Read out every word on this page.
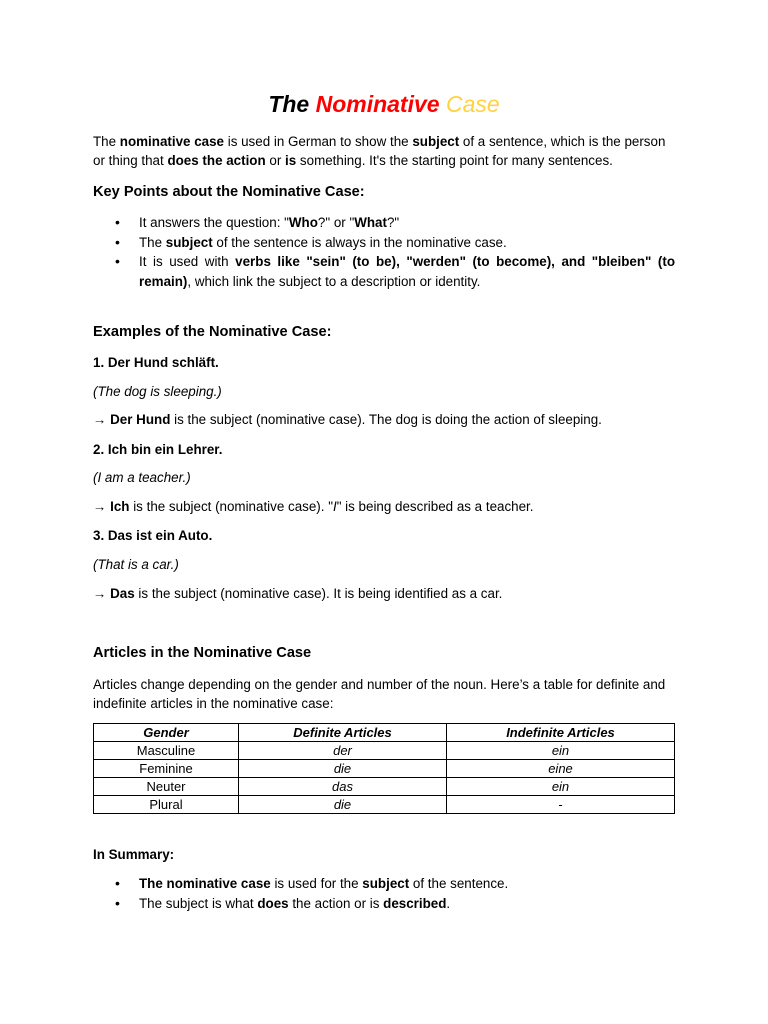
The Nominative Case
The nominative case is used in German to show the subject of a sentence, which is the person or thing that does the action or is something. It's the starting point for many sentences.
Key Points about the Nominative Case:
• It answers the question: "Who?" or "What?"
• The subject of the sentence is always in the nominative case.
• It is used with verbs like "sein" (to be), "werden" (to become), and "bleiben" (to remain), which link the subject to a description or identity.
Examples of the Nominative Case:
1. Der Hund schläft.
(The dog is sleeping.)
→ Der Hund is the subject (nominative case). The dog is doing the action of sleeping.
2. Ich bin ein Lehrer.
(I am a teacher.)
→ Ich is the subject (nominative case). "I" is being described as a teacher.
3. Das ist ein Auto.
(That is a car.)
→ Das is the subject (nominative case). It is being identified as a car.
Articles in the Nominative Case
Articles change depending on the gender and number of the noun. Here’s a table for definite and indefinite articles in the nominative case:
Gender	Definite Articles	Indefinite Articles
Masculine	der	ein
Feminine	die	eine
Neuter	das	ein
Plural	die	-
In Summary:
• The nominative case is used for the subject of the sentence.
• The subject is what does the action or is described.
